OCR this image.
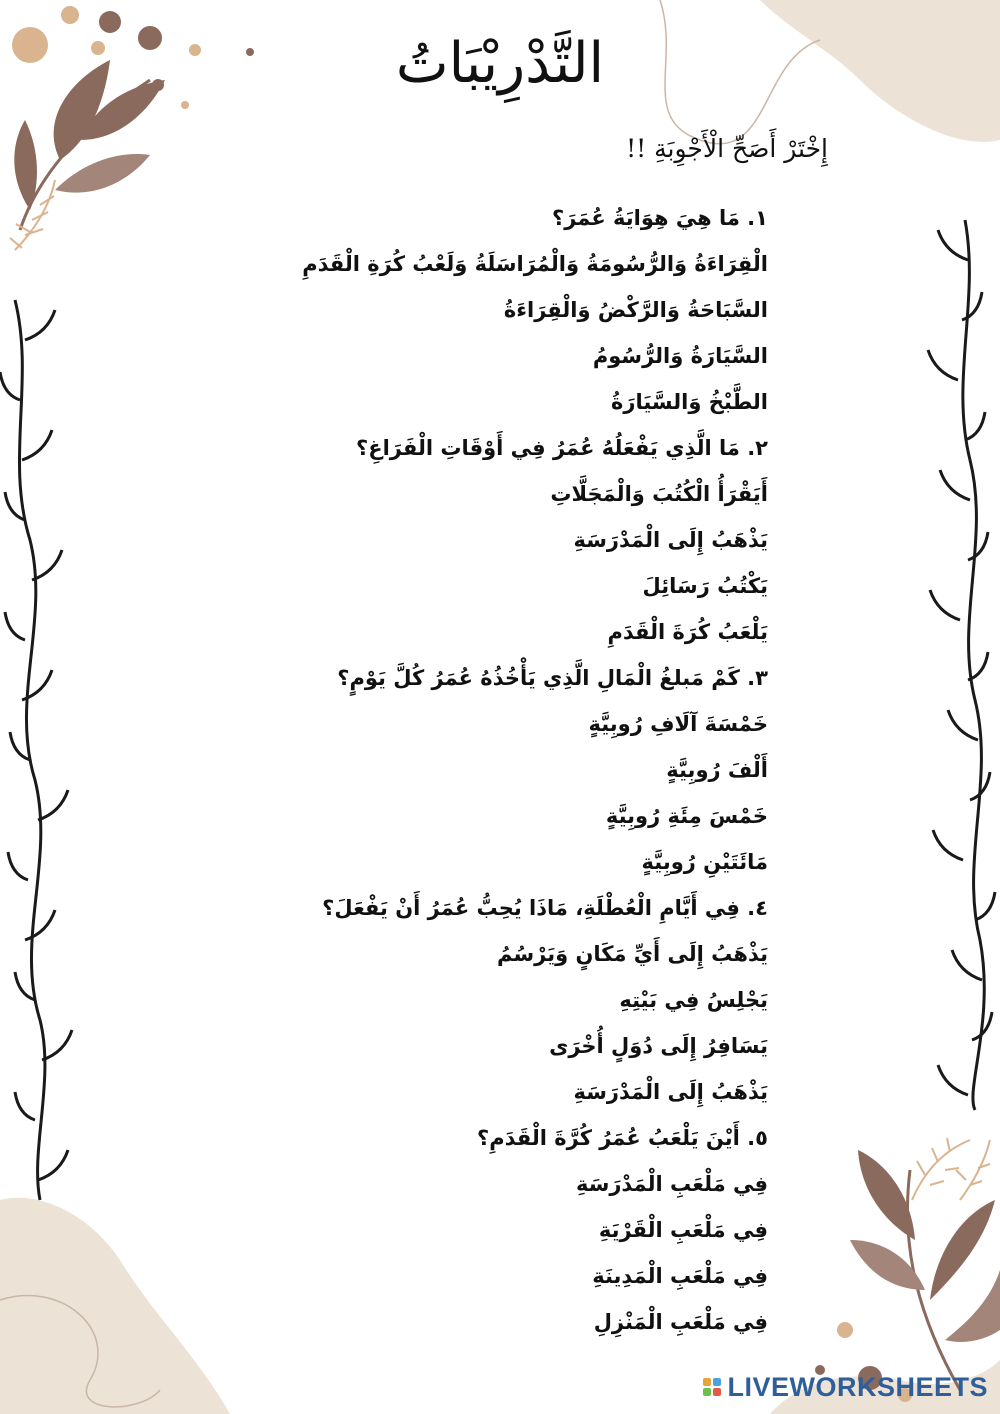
التَّدْرِيْبَاتُ
إِخْتَرْ أَصَحِّ الْأَجْوِبَةِ !!
١. مَا هِيَ هِوَايَةُ عُمَرَ؟
الْقِرَاءَةُ وَالرُّسُومَةُ وَالْمُرَاسَلَةُ وَلَعْبُ كُرَةِ الْقَدَمِ
السَّبَاحَةُ وَالرَّكْضُ وَالْقِرَاءَةُ
السَّيَارَةُ وَالرُّسُومُ
الطَّبْخُ وَالسَّيَارَةُ
٢. مَا الَّذِي يَفْعَلُهُ عُمَرُ فِي أَوْقَاتِ الْفَرَاغِ؟
أَيَقْرَأُ الْكُتُبَ وَالْمَجَلَّاتِ
يَذْهَبُ إِلَى الْمَدْرَسَةِ
يَكْتُبُ رَسَائِلَ
يَلْعَبُ كُرَةَ الْقَدَمِ
٣. كَمْ مَبلغُ الْمَالِ الَّذِي يَأْخُذُهُ عُمَرُ كُلَّ يَوْمٍ؟
خَمْسَةَ آلَافِ رُوبِيَّةٍ
أَلْفَ رُوبِيَّةٍ
خَمْسَ مِئَةِ رُوبِيَّةٍ
مَائَتَيْنِ رُوبِيَّةٍ
٤. فِي أَيَّامِ الْعُطْلَةِ، مَاذَا يُحِبُّ عُمَرُ أَنْ يَفْعَلَ؟
يَذْهَبُ إِلَى أَيِّ مَكَانٍ وَيَرْسُمُ
يَجْلِسُ فِي بَيْتِهِ
يَسَافِرُ إِلَى دُوَلٍ أُخْرَى
يَذْهَبُ إِلَى الْمَدْرَسَةِ
٥. أَيْنَ يَلْعَبُ عُمَرُ كُرَّةَ الْقَدَمِ؟
فِي مَلْعَبِ الْمَدْرَسَةِ
فِي مَلْعَبِ الْقَرْيَةِ
فِي مَلْعَبِ الْمَدِينَةِ
فِي مَلْعَبِ الْمَنْزِلِ
LIVEWORKSHEETS
